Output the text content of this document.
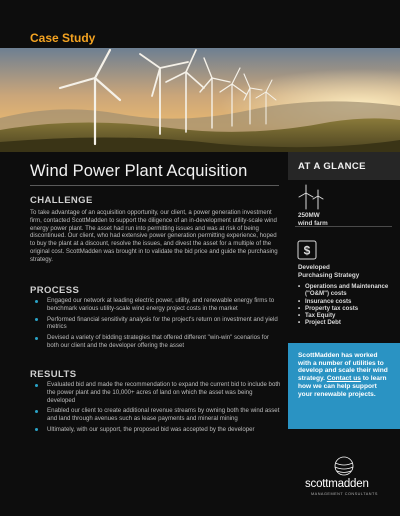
Case Study
Wind Power Plant Acquisition
CHALLENGE
To take advantage of an acquisition opportunity, our client, a power generation investment firm, contacted ScottMadden to support the diligence of an in-development utility-scale wind energy power plant. The asset had run into permitting issues and was at risk of being discontinued. Our client, who had extensive power generation permitting experience, hoped to buy the plant at a discount, resolve the issues, and divest the asset for a multiple of the original cost. ScottMadden was brought in to validate the bid price and guide the purchasing strategy.
PROCESS
Engaged our network at leading electric power, utility, and renewable energy firms to benchmark various utility-scale wind energy project costs in the market
Performed financial sensitivity analysis for the project's return on investment and yield metrics
Devised a variety of bidding strategies that offered different "win-win" scenarios for both our client and the developer offering the asset
RESULTS
Evaluated bid and made the recommendation to expand the current bid to include both the power plant and the 10,000+ acres of land on which the asset was being developed
Enabled our client to create additional revenue streams by owning both the wind asset and land through avenues such as lease payments and mineral mining
Ultimately, with our support, the proposed bid was accepted by the developer
AT A GLANCE
250MW
wind farm
$
Developed
Purchasing Strategy
• Operations and Maintenance ("O&M") costs
• Insurance costs
• Property tax costs
• Tax Equity
• Project Debt

ScottMadden has worked with a number of utilities to develop and scale their wind strategy. Contact us to learn how we can help support your renewable projects.

scottmadden
MANAGEMENT CONSULTANTS
